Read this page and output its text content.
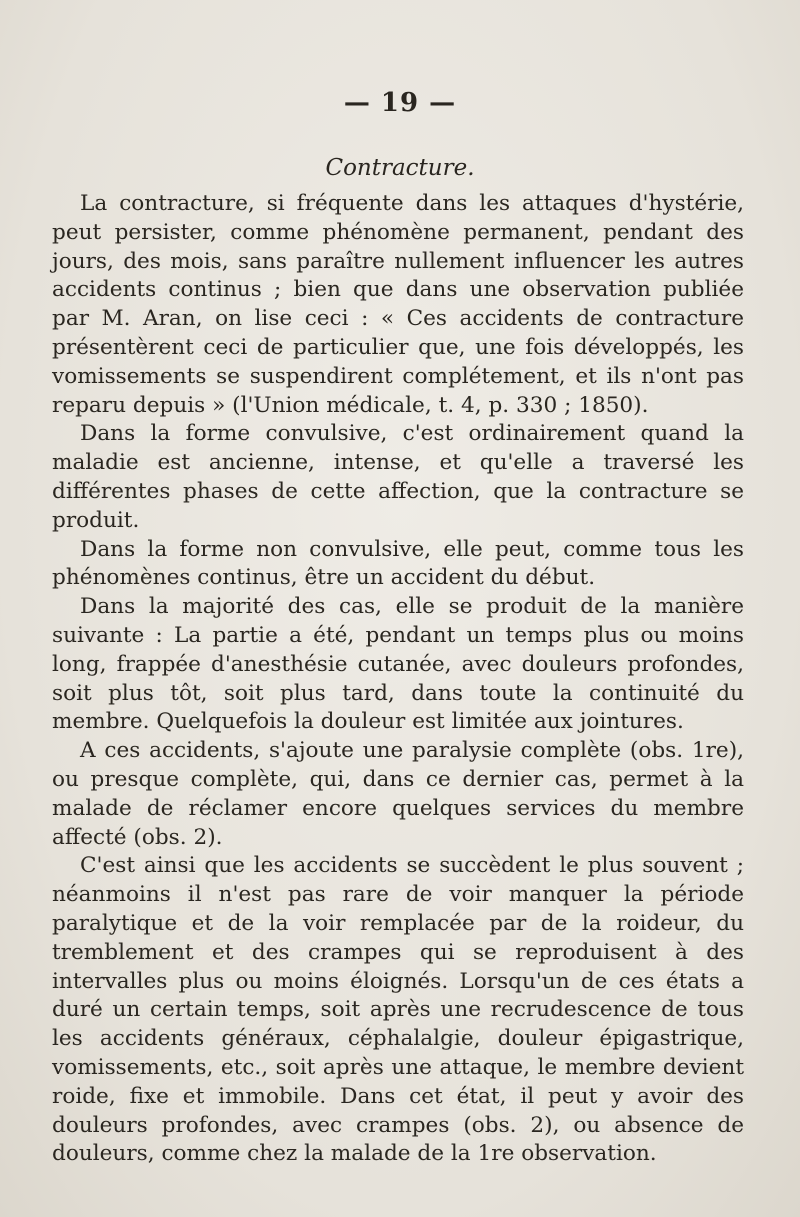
— 19 —
Contracture.

La contracture, si fréquente dans les attaques d'hystérie, peut persister, comme phénomène permanent, pendant des jours, des mois, sans paraître nullement influencer les autres accidents continus ; bien que dans une observation publiée par M. Aran, on lise ceci : « Ces accidents de contracture présentèrent ceci de particulier que, une fois développés, les vomissements se suspendirent complétement, et ils n'ont pas reparu depuis » (l'Union médicale, t. 4, p. 330 ; 1850).

Dans la forme convulsive, c'est ordinairement quand la maladie est ancienne, intense, et qu'elle a traversé les différentes phases de cette affection, que la contracture se produit.

Dans la forme non convulsive, elle peut, comme tous les phénomènes continus, être un accident du début.

Dans la majorité des cas, elle se produit de la manière suivante : La partie a été, pendant un temps plus ou moins long, frappée d'anesthésie cutanée, avec douleurs profondes, soit plus tôt, soit plus tard, dans toute la continuité du membre. Quelquefois la douleur est limitée aux jointures.

A ces accidents, s'ajoute une paralysie complète (obs. 1re), ou presque complète, qui, dans ce dernier cas, permet à la malade de réclamer encore quelques services du membre affecté (obs. 2).

C'est ainsi que les accidents se succèdent le plus souvent ; néanmoins il n'est pas rare de voir manquer la période paralytique et de la voir remplacée par de la roideur, du tremblement et des crampes qui se reproduisent à des intervalles plus ou moins éloignés. Lorsqu'un de ces états a duré un certain temps, soit après une recrudescence de tous les accidents généraux, céphalalgie, douleur épigastrique, vomissements, etc., soit après une attaque, le membre devient roide, fixe et immobile. Dans cet état, il peut y avoir des douleurs profondes, avec crampes (obs. 2), ou absence de douleurs, comme chez la malade de la 1re observation.
